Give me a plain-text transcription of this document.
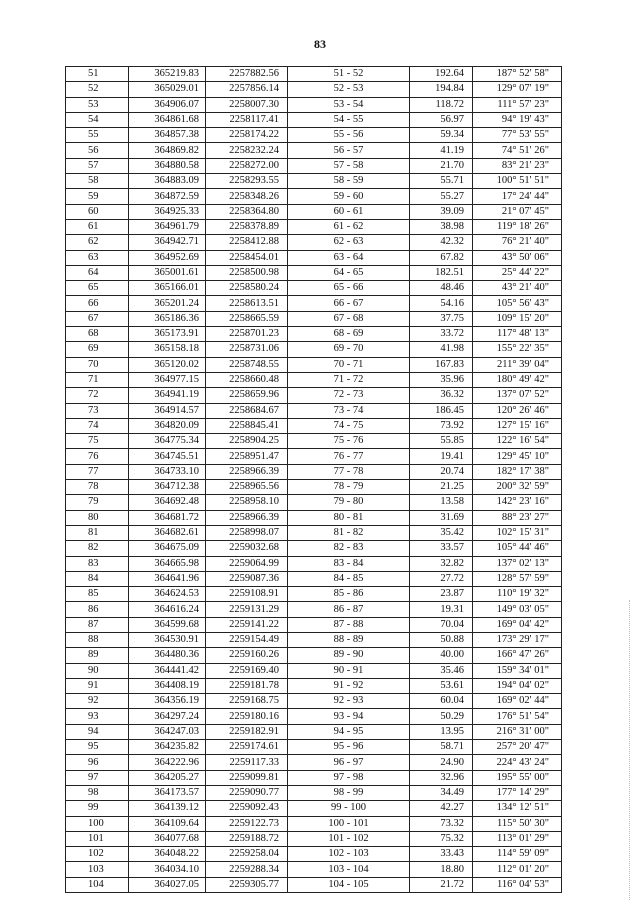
83
51	365219.83	2257882.56	51 - 52	192.64	187° 52' 58"
52	365029.01	2257856.14	52 - 53	194.84	129° 07' 19"
53	364906.07	2258007.30	53 - 54	118.72	111° 57' 23"
54	364861.68	2258117.41	54 - 55	56.97	94° 19' 43"
55	364857.38	2258174.22	55 - 56	59.34	77° 53' 55"
56	364869.82	2258232.24	56 - 57	41.19	74° 51' 26"
57	364880.58	2258272.00	57 - 58	21.70	83° 21' 23"
58	364883.09	2258293.55	58 - 59	55.71	100° 51' 51"
59	364872.59	2258348.26	59 - 60	55.27	17° 24' 44"
60	364925.33	2258364.80	60 - 61	39.09	21° 07' 45"
61	364961.79	2258378.89	61 - 62	38.98	119° 18' 26"
62	364942.71	2258412.88	62 - 63	42.32	76° 21' 40"
63	364952.69	2258454.01	63 - 64	67.82	43° 50' 06"
64	365001.61	2258500.98	64 - 65	182.51	25° 44' 22"
65	365166.01	2258580.24	65 - 66	48.46	43° 21' 40"
66	365201.24	2258613.51	66 - 67	54.16	105° 56' 43"
67	365186.36	2258665.59	67 - 68	37.75	109° 15' 20"
68	365173.91	2258701.23	68 - 69	33.72	117° 48' 13"
69	365158.18	2258731.06	69 - 70	41.98	155° 22' 35"
70	365120.02	2258748.55	70 - 71	167.83	211° 39' 04"
71	364977.15	2258660.48	71 - 72	35.96	180° 49' 42"
72	364941.19	2258659.96	72 - 73	36.32	137° 07' 52"
73	364914.57	2258684.67	73 - 74	186.45	120° 26' 46"
74	364820.09	2258845.41	74 - 75	73.92	127° 15' 16"
75	364775.34	2258904.25	75 - 76	55.85	122° 16' 54"
76	364745.51	2258951.47	76 - 77	19.41	129° 45' 10"
77	364733.10	2258966.39	77 - 78	20.74	182° 17' 38"
78	364712.38	2258965.56	78 - 79	21.25	200° 32' 59"
79	364692.48	2258958.10	79 - 80	13.58	142° 23' 16"
80	364681.72	2258966.39	80 - 81	31.69	88° 23' 27"
81	364682.61	2258998.07	81 - 82	35.42	102° 15' 31"
82	364675.09	2259032.68	82 - 83	33.57	105° 44' 46"
83	364665.98	2259064.99	83 - 84	32.82	137° 02' 13"
84	364641.96	2259087.36	84 - 85	27.72	128° 57' 59"
85	364624.53	2259108.91	85 - 86	23.87	110° 19' 32"
86	364616.24	2259131.29	86 - 87	19.31	149° 03' 05"
87	364599.68	2259141.22	87 - 88	70.04	169° 04' 42"
88	364530.91	2259154.49	88 - 89	50.88	173° 29' 17"
89	364480.36	2259160.26	89 - 90	40.00	166° 47' 26"
90	364441.42	2259169.40	90 - 91	35.46	159° 34' 01"
91	364408.19	2259181.78	91 - 92	53.61	194° 04' 02"
92	364356.19	2259168.75	92 - 93	60.04	169° 02' 44"
93	364297.24	2259180.16	93 - 94	50.29	176° 51' 54"
94	364247.03	2259182.91	94 - 95	13.95	216° 31' 00"
95	364235.82	2259174.61	95 - 96	58.71	257° 20' 47"
96	364222.96	2259117.33	96 - 97	24.90	224° 43' 24"
97	364205.27	2259099.81	97 - 98	32.96	195° 55' 00"
98	364173.57	2259090.77	98 - 99	34.49	177° 14' 29"
99	364139.12	2259092.43	99 - 100	42.27	134° 12' 51"
100	364109.64	2259122.73	100 - 101	73.32	115° 50' 30"
101	364077.68	2259188.72	101 - 102	75.32	113° 01' 29"
102	364048.22	2259258.04	102 - 103	33.43	114° 59' 09"
103	364034.10	2259288.34	103 - 104	18.80	112° 01' 20"
104	364027.05	2259305.77	104 - 105	21.72	116° 04' 53"
